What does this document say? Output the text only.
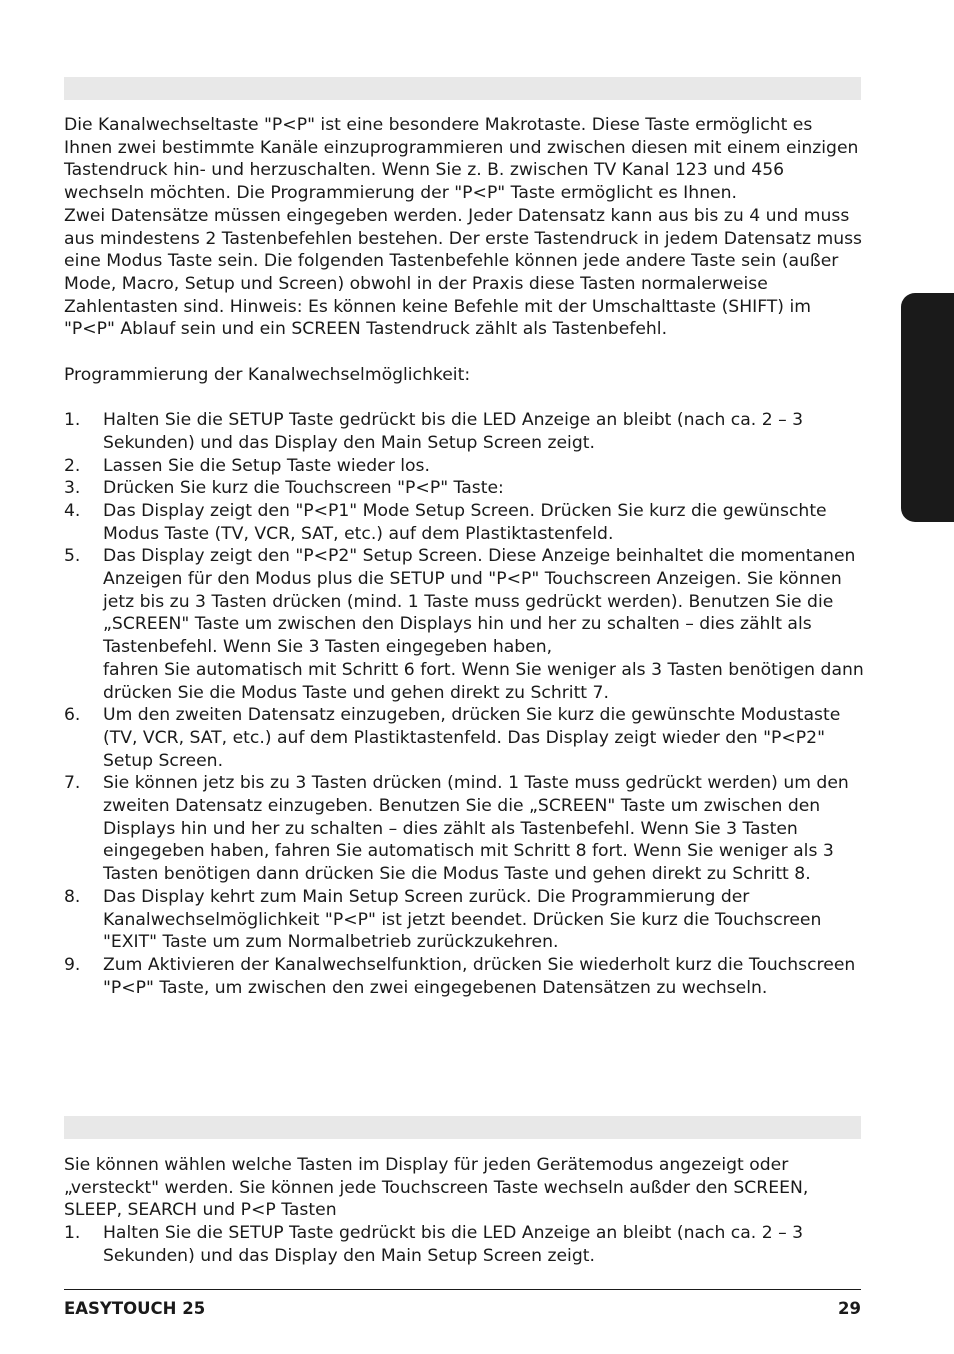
Die Kanalwechseltaste "P<P" ist eine besondere Makrotaste. Diese Taste ermöglicht es Ihnen zwei bestimmte Kanäle einzuprogrammieren und zwischen diesen mit einem einzigen Tastendruck hin- und herzuschalten. Wenn Sie z. B. zwischen TV Kanal 123 und 456 wechseln möchten. Die Programmierung der "P<P" Taste ermöglicht es Ihnen.

Zwei Datensätze müssen eingegeben werden. Jeder Datensatz kann aus bis zu 4 und muss aus mindestens 2 Tastenbefehlen bestehen. Der erste Tastendruck in jedem Datensatz muss eine Modus Taste sein. Die folgenden Tastenbefehle können jede andere Taste sein (außer Mode, Macro, Setup und Screen) obwohl in der Praxis diese Tasten normalerweise Zahlentasten sind. Hinweis: Es können keine Befehle mit der Umschalttaste (SHIFT) im "P<P" Ablauf sein und ein SCREEN Tastendruck zählt als Tastenbefehl.

Programmierung der Kanalwechselmöglichkeit:

1.	Halten Sie die SETUP Taste gedrückt bis die LED Anzeige an bleibt (nach ca. 2 – 3 Sekunden) und das Display den Main Setup Screen zeigt.
2.	Lassen Sie die Setup Taste wieder los.
3.	Drücken Sie kurz die Touchscreen "P<P" Taste:
4.	Das Display zeigt den "P<P1" Mode Setup Screen. Drücken Sie kurz die gewünschte Modus Taste (TV, VCR, SAT, etc.) auf dem Plastiktastenfeld.
5.	Das Display zeigt den "P<P2" Setup Screen. Diese Anzeige beinhaltet die momentanen Anzeigen für den Modus plus die SETUP und "P<P" Touchscreen Anzeigen. Sie können jetz bis zu 3 Tasten drücken (mind. 1 Taste muss gedrückt werden). Benutzen Sie die „SCREEN" Taste um zwischen den Displays hin und her zu schalten – dies zählt als
Tastenbefehl. Wenn Sie 3 Tasten eingegeben haben,
fahren Sie automatisch mit Schritt 6 fort. Wenn Sie weniger als 3 Tasten benötigen dann drücken Sie die Modus Taste und gehen direkt zu Schritt 7.
6.	Um den zweiten Datensatz einzugeben, drücken Sie kurz die gewünschte Modustaste (TV, VCR, SAT, etc.) auf dem Plastiktastenfeld. Das Display zeigt wieder den "P<P2" Setup Screen.
7.	Sie können jetz bis zu 3 Tasten drücken (mind. 1 Taste muss gedrückt werden) um den zweiten Datensatz einzugeben. Benutzen Sie die „SCREEN" Taste um zwischen den Displays hin und her zu schalten – dies zählt als Tastenbefehl. Wenn Sie 3 Tasten eingegeben haben, fahren Sie automatisch mit Schritt 8 fort. Wenn Sie weniger als 3 Tasten benötigen dann drücken Sie die Modus Taste und gehen direkt zu Schritt 8.
8.	Das Display kehrt zum Main Setup Screen zurück. Die Programmierung der Kanalwechselmöglichkeit "P<P" ist jetzt beendet. Drücken Sie kurz die Touchscreen "EXIT" Taste um zum Normalbetrieb zurückzukehren.
9.	Zum Aktivieren der Kanalwechselfunktion, drücken Sie wiederholt kurz die Touchscreen "P<P" Taste, um zwischen den zwei eingegebenen Datensätzen zu wechseln.

Sie können wählen welche Tasten im Display für jeden Gerätemodus angezeigt oder „versteckt" werden. Sie können jede Touchscreen Taste wechseln außder den SCREEN, SLEEP, SEARCH und P<P Tasten

1.	Halten Sie die SETUP Taste gedrückt bis die LED Anzeige an bleibt (nach ca. 2 – 3 Sekunden) und das Display den Main Setup Screen zeigt.
EASYTOUCH 25	29
